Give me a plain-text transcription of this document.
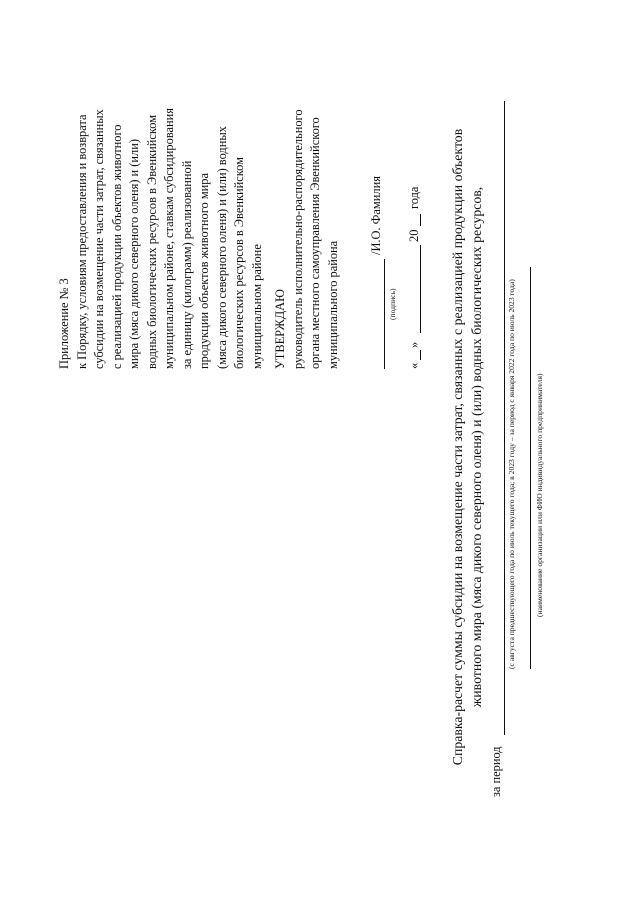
Приложение № 3 к Порядку, условиям предоставления и возврата субсидии на возмещение части затрат, связанных с реализацией продукции объектов животного мира (мяса дикого северного оленя) и (или) водных биологических ресурсов в Эвенкийском муниципальном районе, ставкам субсидирования за единицу (килограмм) реализованной продукции объектов животного мира (мяса дикого северного оленя) и (или) водных биологических ресурсов в Эвенкийском муниципальном районе УТВЕРЖДАЮ руководитель исполнительно-распорядительного органа местного самоуправления Эвенкийского муниципального района
/И.О. Фамилия
(подпись)
«
»
20
года Справка-расчет суммы субсидии на возмещение части затрат, связанных с реализацией продукции объектов животного мира (мяса дикого северного оленя) и (или) водных биологических ресурсов,
за период
(с августа предшествующего года по июль текущего года; в 2023 году – за период с января 2022 года по июль 2023 года)	(наименование организации или ФИО индивидуального предпринимателя)
